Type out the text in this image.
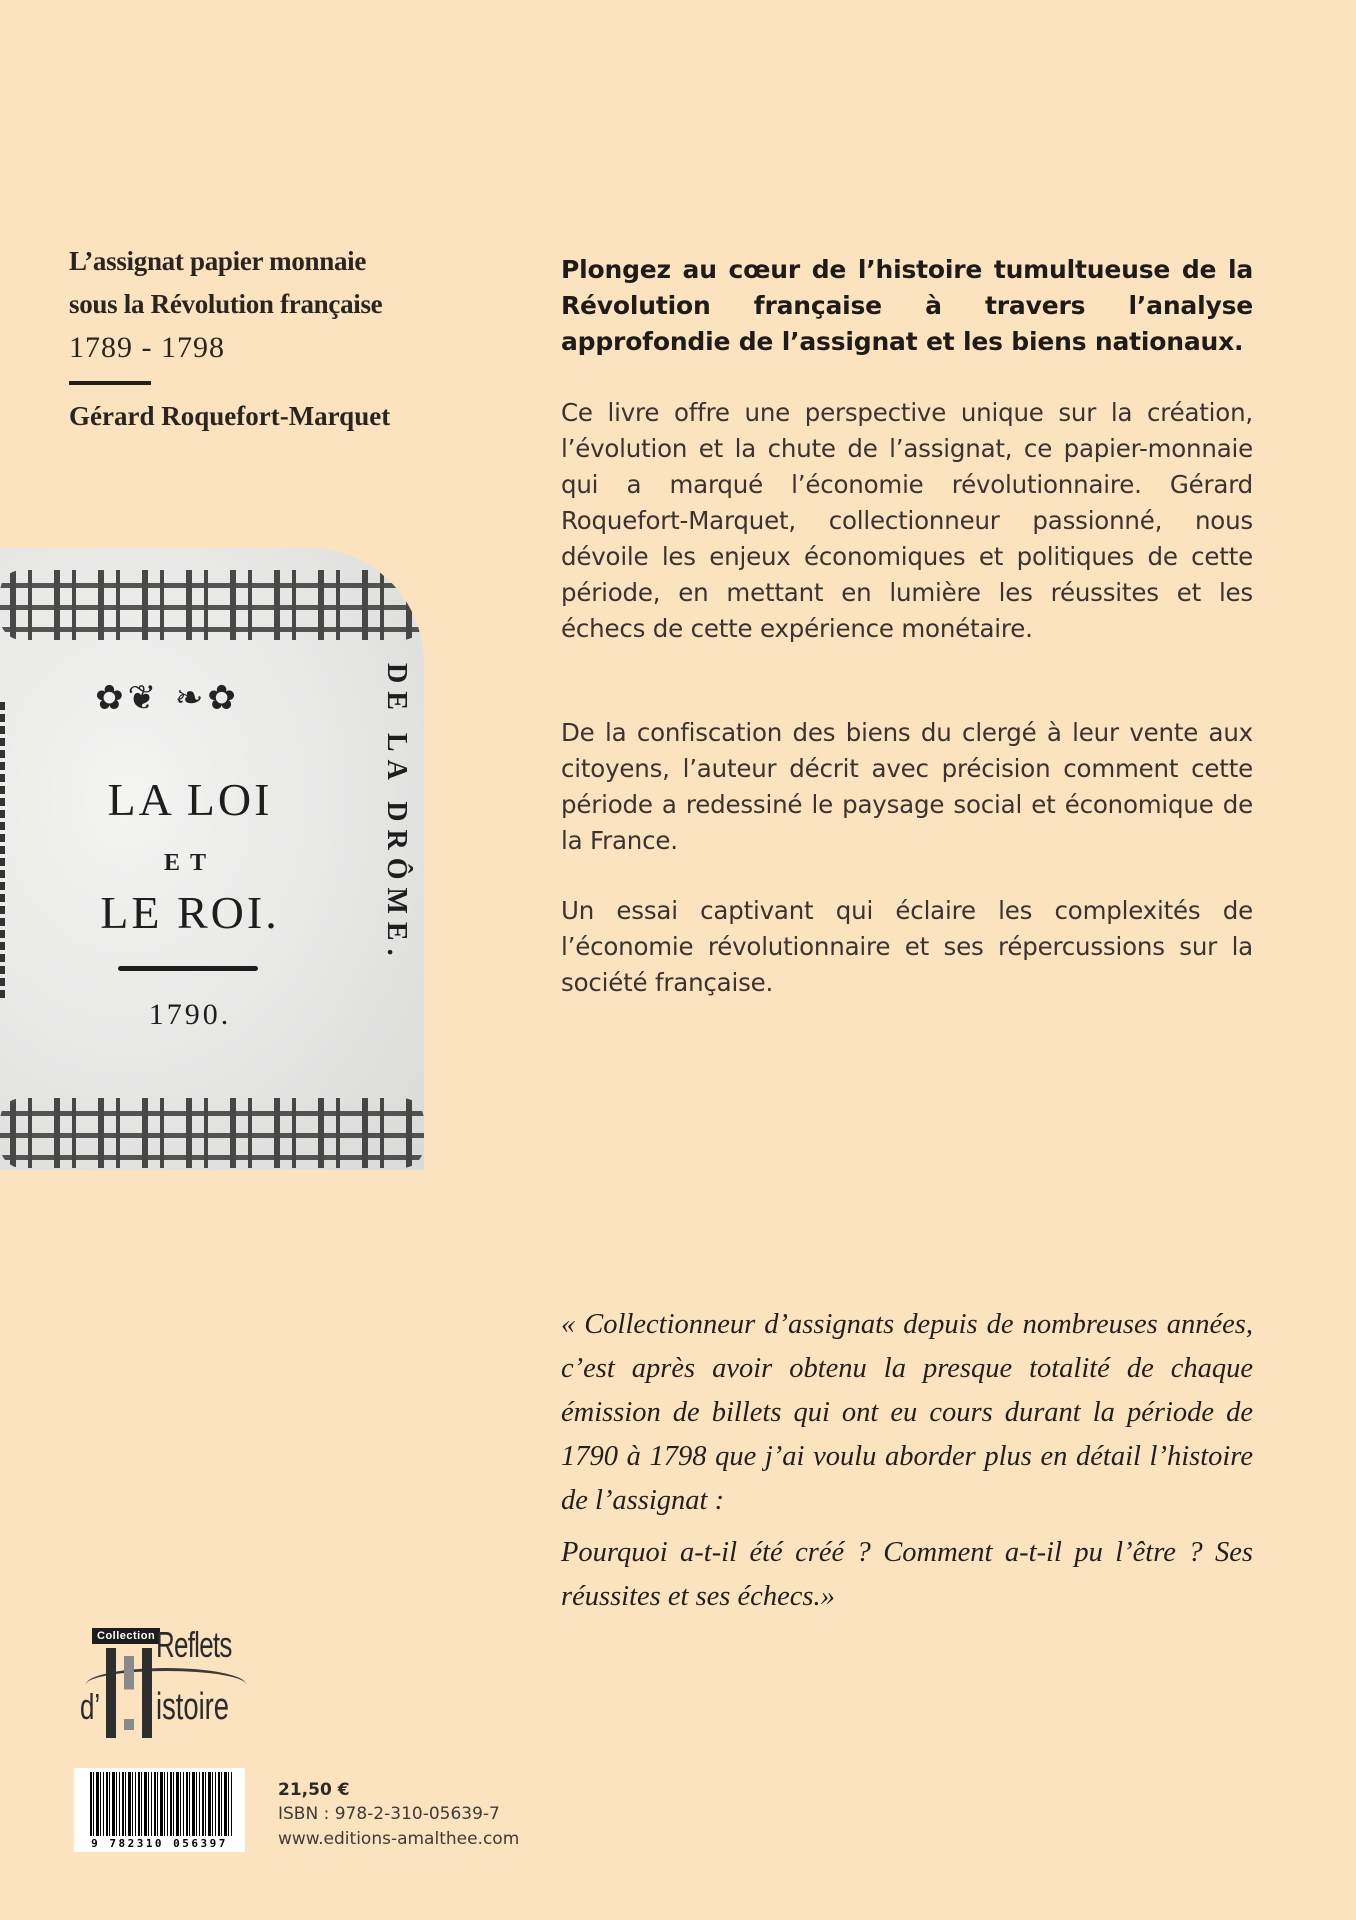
L’assignat papier monnaie
sous la Révolution française
1789 - 1798
Gérard Roquefort-Marquet
✿❦ ❧✿
LA LOI
ET
LE ROI.
1790.
DE LA DRÔME.
Plongez au cœur de l’histoire tumultueuse de la Révolution française à travers l’analyse approfondie de l’assignat et les biens nationaux.
Ce livre offre une perspective unique sur la création, l’évolution et la chute de l’assignat, ce papier-monnaie qui a marqué l’économie révolutionnaire. Gérard Roquefort-Marquet, collectionneur passionné, nous dévoile les enjeux économiques et politiques de cette période, en mettant en lumière les réussites et les échecs de cette expérience monétaire.
De la confiscation des biens du clergé à leur vente aux citoyens, l’auteur décrit avec précision comment cette période a redessiné le paysage social et économique de la France.
Un essai captivant qui éclaire les complexités de l’économie révolutionnaire et ses répercussions sur la société française.

« Collectionneur d’assignats depuis de nombreuses années, c’est après avoir obtenu la presque totalité de chaque émission de billets qui ont eu cours durant la période de 1790 à 1798 que j’ai voulu aborder plus en détail l’histoire de l’assignat :

Pourquoi a-t-il été créé ? Comment a-t-il pu l’être ? Ses réussites et ses échecs.»

Collection Reflets
d’ istoire
9 782310 056397
21,50 €
ISBN : 978-2-310-05639-7
www.editions-amalthee.com
